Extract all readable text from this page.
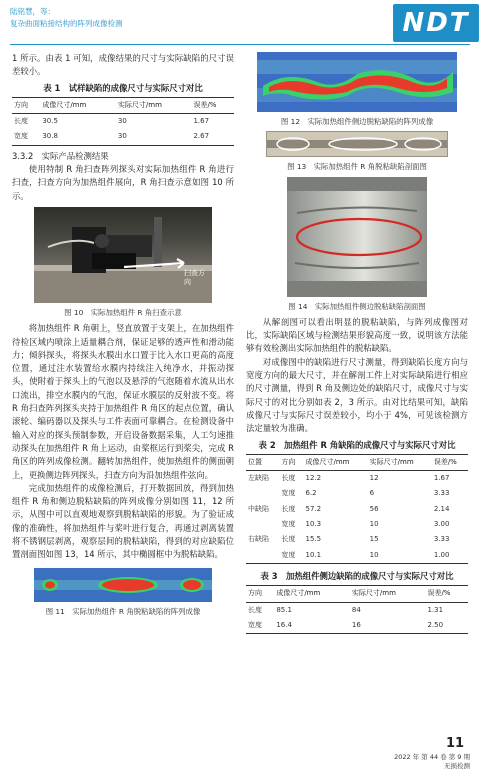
陆铭慧，等：
复杂曲面粘接结构的阵列成像检测	NDT

1 所示。由表 1 可知，成像结果的尺寸与实际缺陷的尺寸误差较小。

表 1　试样缺陷的成像尺寸与实际尺寸对比
方向	成像尺寸/mm	实际尺寸/mm	误差/%
长度	30.5	30	1.67
宽度	30.8	30	2.67

3.3.2　实际产品检测结果

使用特制 R 角扫查阵列探头对实际加热组件 R 角进行扫查，扫查方向为加热组件展向，R 角扫查示意如图 10 所示。

扫查方向
图 10　实际加热组件 R 角扫查示意

将加热组件 R 角朝上，竖直放置于支架上，在加热组件待检区域内喷涂上适量耦合剂，保证足够的透声性和滑动能力；倾斜探头，将探头水膜出水口置于比入水口更高的高度位置，通过注水装置给水膜内持续注入纯净水，并振动探头，使附着于探头上的气泡以及悬浮的气泡随着水流从出水口流出，排空水膜内的气泡，保证水膜层的反射波不变。将 R 角扫查阵列探头夹持于加热组件 R 角区的起点位置，确认滚轮、编码器以及探头与工件表面可靠耦合。在检测设备中输入对应的探头预制参数，开启设备数据采集，人工匀速推动探头在加热组件 R 角上运动，由桨框运行到桨尖，完成 R 角区的阵列成像检测。翻转加热组件，使加热组件的侧面朝上，更换侧边阵列探头，扫查方向为沿加热组件弦向。

完成加热组件的成像检测后，打开数据回放，得到加热组件 R 角和侧边脱粘缺陷的阵列成像分别如图 11，12 所示，从图中可以直观地观察到脱粘缺陷的形貌。为了验证成像的准确性，将加热组件与桨叶进行复合，再通过剥离装置将不锈钢层剥离，观察层间的脱粘缺陷，得到的对应缺陷位置剖面图如图 13，14 所示，其中椭圆框中为脱粘缺陷。

图 11　实际加热组件 R 角脱粘缺陷的阵列成像
图 12　实际加热组件侧边脱粘缺陷的阵列成像
图 13　实际加热组件 R 角脱粘缺陷剖面图
图 14　实际加热组件侧边脱粘缺陷剖面图

从解剖图可以看出明显的脱粘缺陷，与阵列成像图对比，实际缺陷区域与检测结果形貌高度一致，说明该方法能够有效检测出实际加热组件的脱粘缺陷。

对成像图中的缺陷进行尺寸测量，得到缺陷长度方向与宽度方向的最大尺寸，并在解剖工件上对实际缺陷进行相应的尺寸测量，得到 R 角及侧边处的缺陷尺寸，成像尺寸与实际尺寸的对比分别如表 2，3 所示。由对比结果可知，缺陷成像尺寸与实际尺寸误差较小，均小于 4%，可见该检测方法定量较为准确。

表 2　加热组件 R 角缺陷的成像尺寸与实际尺寸对比
位置	方向	成像尺寸/mm	实际尺寸/mm	误差/%
左缺陷	长度	12.2	12	1.67
	宽度	6.2	6	3.33
中缺陷	长度	57.2	56	2.14
	宽度	10.3	10	3.00
右缺陷	长度	15.5	15	3.33
	宽度	10.1	10	1.00
表 3　加热组件侧边缺陷的成像尺寸与实际尺寸对比
方向	成像尺寸/mm	实际尺寸/mm	误差/%
长度	85.1	84	1.31
宽度	16.4	16	2.50
11
2022 年 第 44 卷 第 9 期
无损检测
